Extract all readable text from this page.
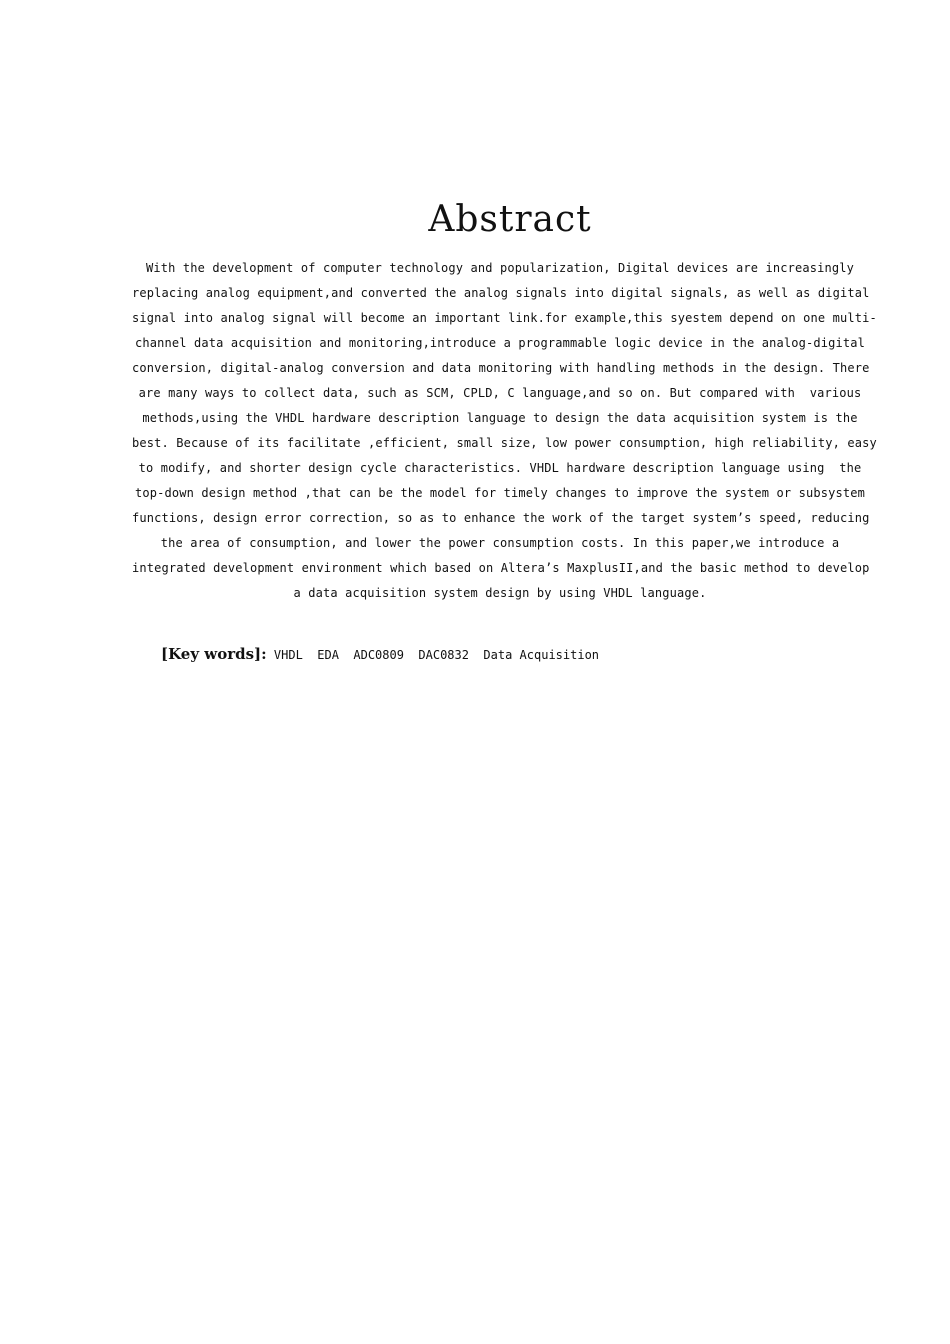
Abstract
With the development of computer technology and popularization, Digital devices are increasingly
replacing analog equipment,and converted the analog signals into digital signals, as well as digital
signal into analog signal will become an important link.for example,this syestem depend on one multi-
channel data acquisition and monitoring,introduce a programmable logic device in the analog-digital
conversion, digital-analog conversion and data monitoring with handling methods in the design. There
are many ways to collect data, such as SCM, CPLD, C language,and so on. But compared with  various
methods,using the VHDL hardware description language to design the data acquisition system is the
best. Because of its facilitate ,efficient, small size, low power consumption, high reliability, easy
to modify, and shorter design cycle characteristics. VHDL hardware description language using  the
top-down design method ,that can be the model for timely changes to improve the system or subsystem
functions, design error correction, so as to enhance the work of the target system’s speed, reducing
the area of consumption, and lower the power consumption costs. In this paper,we introduce a
integrated development environment which based on Altera’s MaxplusII,and the basic method to develop
a data acquisition system design by using VHDL language.

[Key words]: VHDL  EDA  ADC0809  DAC0832  Data Acquisition
